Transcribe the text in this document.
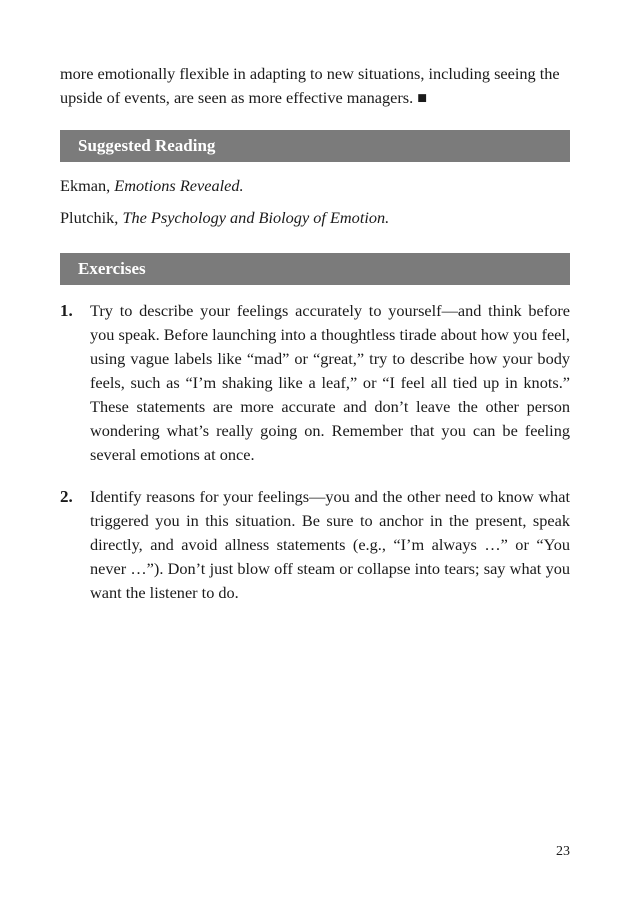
more emotionally flexible in adapting to new situations, including seeing the

upside of events, are seen as more effective managers. ■

Suggested Reading

Ekman, Emotions Revealed.

Plutchik, The Psychology and Biology of Emotion.

Exercises
1.	Try to describe your feelings accurately to yourself—and think before you speak. Before launching into a thoughtless tirade about how you feel, using vague labels like “mad” or “great,” try to describe how your body feels, such as “I’m shaking like a leaf,” or “I feel all tied up in knots.” These statements are more accurate and don’t leave the other person wondering what’s really going on. Remember that you can be feeling several emotions at once.

2.	Identify reasons for your feelings—you and the other need to know what triggered you in this situation. Be sure to anchor in the present, speak directly, and avoid allness statements (e.g., “I’m always …” or “You never …”). Don’t just blow off steam or collapse into tears; say what you want the listener to do.

23
